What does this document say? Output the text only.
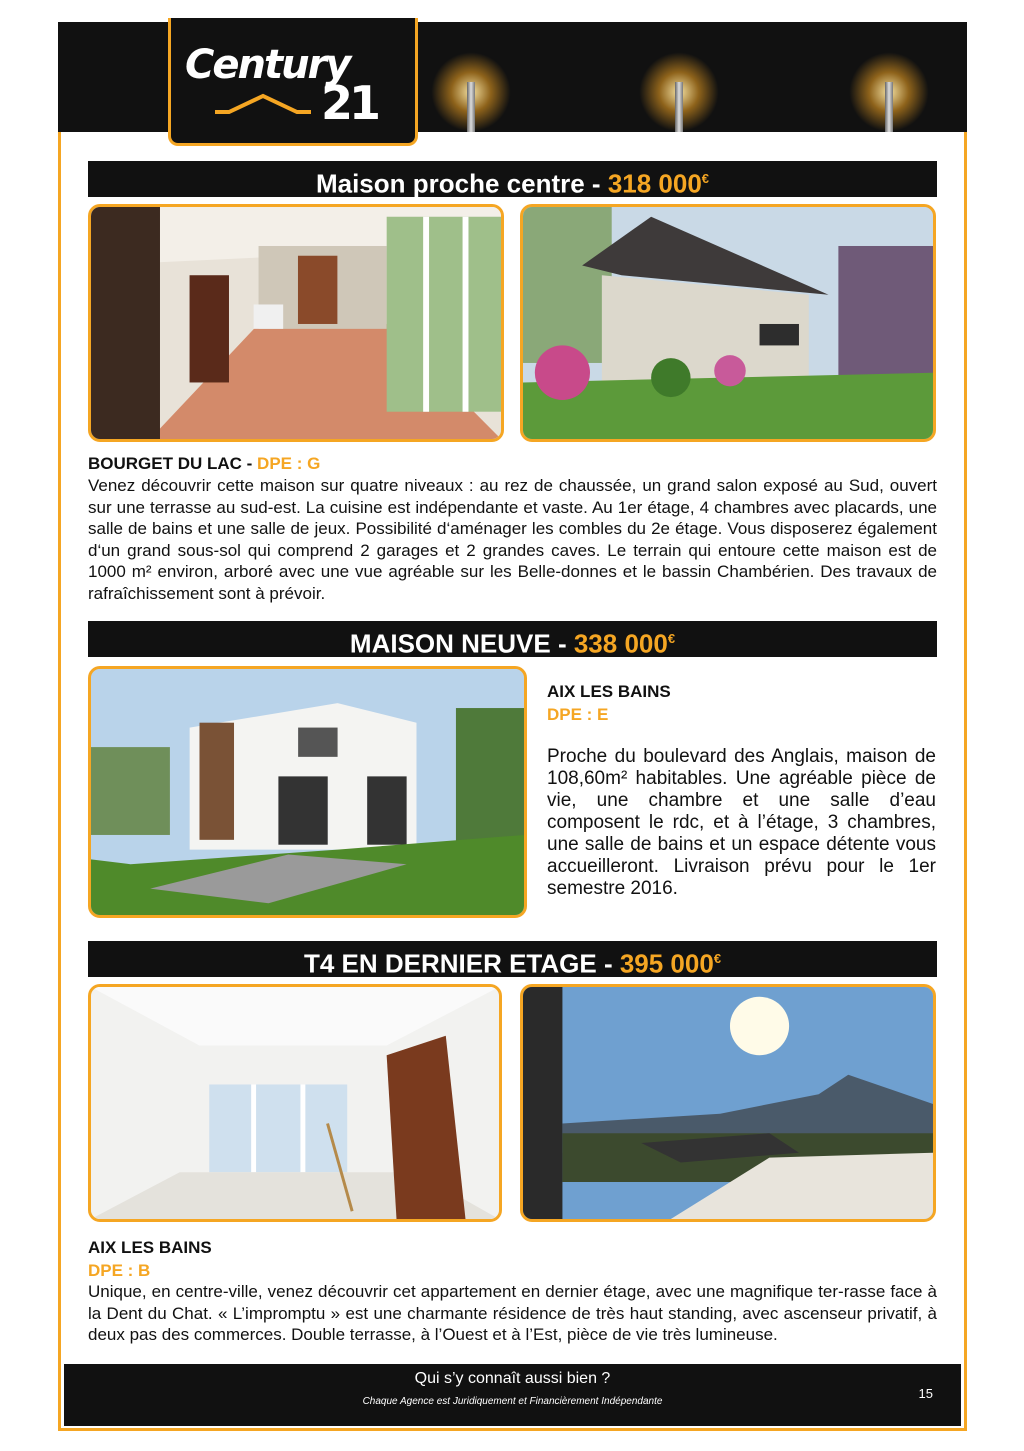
Century
21
Maison proche centre - 318 000€
BOURGET DU LAC - DPE : G
Venez découvrir cette maison sur quatre niveaux : au rez de chaussée, un grand salon exposé au Sud, ouvert sur une terrasse au sud-est. La cuisine est indépendante et vaste. Au 1er étage, 4 chambres avec placards, une salle de bains et une salle de jeux. Possibilité d‘aménager les combles du 2e étage. Vous disposerez également d‘un grand sous-sol qui comprend 2 garages et 2 grandes caves. Le terrain qui entoure cette maison est de 1000 m² environ, arboré avec une vue agréable sur les Belle-donnes et le bassin Chambérien. Des travaux de rafraîchissement sont à prévoir.
MAISON NEUVE - 338 000€
AIX LES BAINS
DPE : E
Proche du boulevard des Anglais, maison de 108,60m² habitables. Une agréable pièce de vie, une chambre et une salle d’eau composent le rdc, et à l’étage, 3 chambres, une salle de bains et un espace détente vous accueilleront. Livraison prévu pour le 1er semestre 2016.
T4 EN DERNIER ETAGE - 395 000€
AIX LES BAINS
DPE : B
Unique, en centre-ville, venez découvrir cet appartement en dernier étage, avec une magnifique ter-rasse face à la Dent du Chat. « L’impromptu » est une charmante résidence de très haut standing, avec ascenseur privatif, à deux pas des commerces. Double terrasse, à l’Ouest et à l’Est, pièce de vie très lumineuse.
Qui s’y connaît aussi bien ?
Chaque Agence est Juridiquement et Financièrement Indépendante
15
